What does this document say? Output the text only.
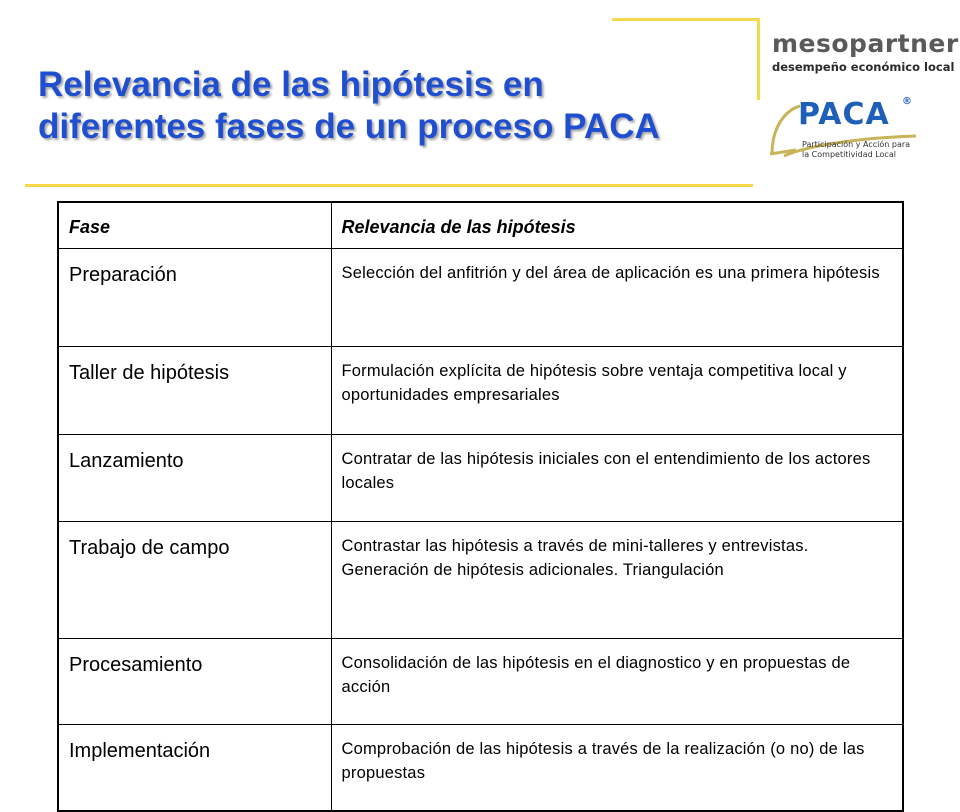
Relevancia de las hipótesis en
diferentes fases de un proceso PACA
mesopartner
desempeño económico local
PACA ®
Participación y Acción para
la Competitividad Local
Fase	Relevancia de las hipótesis
Preparación	Selección del anfitrión y del área de aplicación es una primera hipótesis
Taller de hipótesis	Formulación explícita de hipótesis sobre ventaja competitiva local y oportunidades empresariales
Lanzamiento	Contratar de las hipótesis iniciales con el entendimiento de los actores locales
Trabajo de campo	Contrastar las hipótesis a través de mini-talleres y entrevistas. Generación de hipótesis adicionales. Triangulación
Procesamiento	Consolidación de las hipótesis en el diagnostico y en propuestas de acción
Implementación	Comprobación de las hipótesis a través de la realización (o no) de las propuestas
